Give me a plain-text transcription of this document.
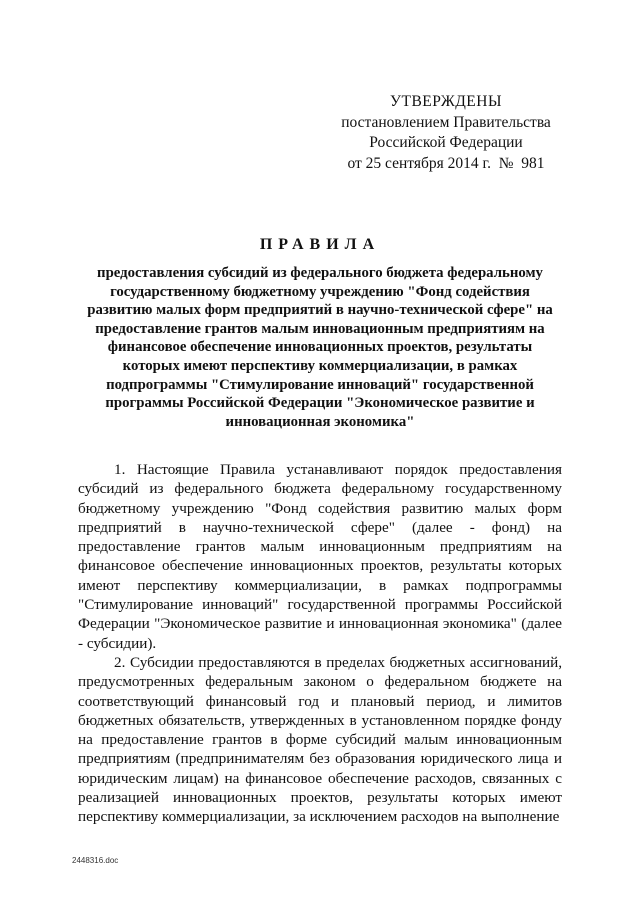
УТВЕРЖДЕНЫ
постановлением Правительства
Российской Федерации
от 25 сентября 2014 г.  №  981
ПРАВИЛА
предоставления субсидий из федерального бюджета федеральному государственному бюджетному учреждению "Фонд содействия развитию малых форм предприятий в научно-технической сфере" на предоставление грантов малым инновационным предприятиям на финансовое обеспечение инновационных проектов, результаты которых имеют перспективу коммерциализации, в рамках подпрограммы "Стимулирование инноваций" государственной программы Российской Федерации "Экономическое развитие и инновационная экономика"

1. Настоящие Правила устанавливают порядок предоставления субсидий из федерального бюджета федеральному государственному бюджетному учреждению "Фонд содействия развитию малых форм предприятий в научно-технической сфере" (далее - фонд) на предоставление грантов малым инновационным предприятиям на финансовое обеспечение инновационных проектов, результаты которых имеют перспективу коммерциализации, в рамках подпрограммы "Стимулирование инноваций" государственной программы Российской Федерации "Экономическое развитие и инновационная экономика" (далее - субсидии).

2. Субсидии предоставляются в пределах бюджетных ассигнований, предусмотренных федеральным законом о федеральном бюджете на соответствующий финансовый год и плановый период, и лимитов бюджетных обязательств, утвержденных в установленном порядке фонду на предоставление грантов в форме субсидий малым инновационным предприятиям (предпринимателям без образования юридического лица и юридическим лицам) на финансовое обеспечение расходов, связанных с реализацией инновационных проектов, результаты которых имеют перспективу коммерциализации, за исключением расходов на выполнение

2448316.doc
